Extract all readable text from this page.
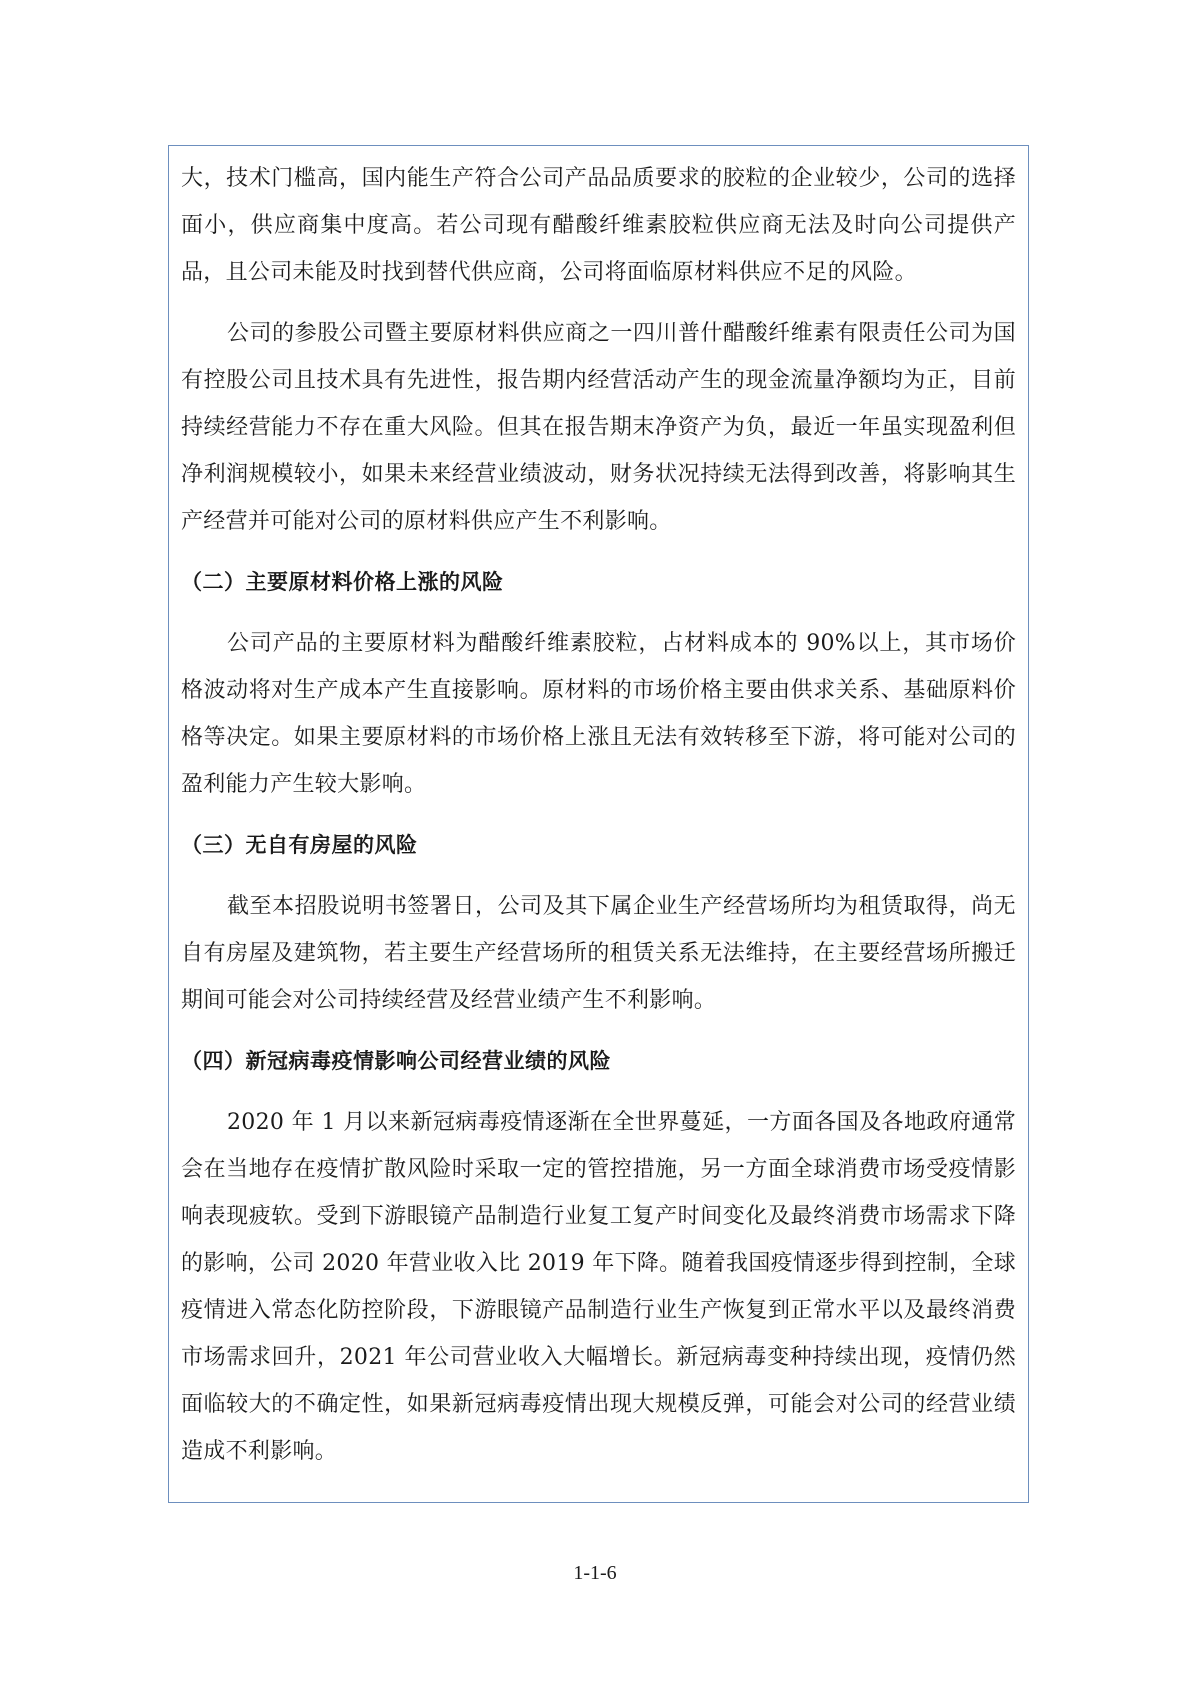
大，技术门槛高，国内能生产符合公司产品品质要求的胶粒的企业较少，公司的选择面小，供应商集中度高。若公司现有醋酸纤维素胶粒供应商无法及时向公司提供产品，且公司未能及时找到替代供应商，公司将面临原材料供应不足的风险。

公司的参股公司暨主要原材料供应商之一四川普什醋酸纤维素有限责任公司为国有控股公司且技术具有先进性，报告期内经营活动产生的现金流量净额均为正，目前持续经营能力不存在重大风险。但其在报告期末净资产为负，最近一年虽实现盈利但净利润规模较小，如果未来经营业绩波动，财务状况持续无法得到改善，将影响其生产经营并可能对公司的原材料供应产生不利影响。

（二）主要原材料价格上涨的风险

公司产品的主要原材料为醋酸纤维素胶粒，占材料成本的 90%以上，其市场价格波动将对生产成本产生直接影响。原材料的市场价格主要由供求关系、基础原料价格等决定。如果主要原材料的市场价格上涨且无法有效转移至下游，将可能对公司的盈利能力产生较大影响。

（三）无自有房屋的风险

截至本招股说明书签署日，公司及其下属企业生产经营场所均为租赁取得，尚无自有房屋及建筑物，若主要生产经营场所的租赁关系无法维持，在主要经营场所搬迁期间可能会对公司持续经营及经营业绩产生不利影响。

（四）新冠病毒疫情影响公司经营业绩的风险

2020 年 1 月以来新冠病毒疫情逐渐在全世界蔓延，一方面各国及各地政府通常会在当地存在疫情扩散风险时采取一定的管控措施，另一方面全球消费市场受疫情影响表现疲软。受到下游眼镜产品制造行业复工复产时间变化及最终消费市场需求下降的影响，公司 2020 年营业收入比 2019 年下降。随着我国疫情逐步得到控制，全球疫情进入常态化防控阶段，下游眼镜产品制造行业生产恢复到正常水平以及最终消费市场需求回升，2021 年公司营业收入大幅增长。新冠病毒变种持续出现，疫情仍然面临较大的不确定性，如果新冠病毒疫情出现大规模反弹，可能会对公司的经营业绩造成不利影响。

1-1-6
